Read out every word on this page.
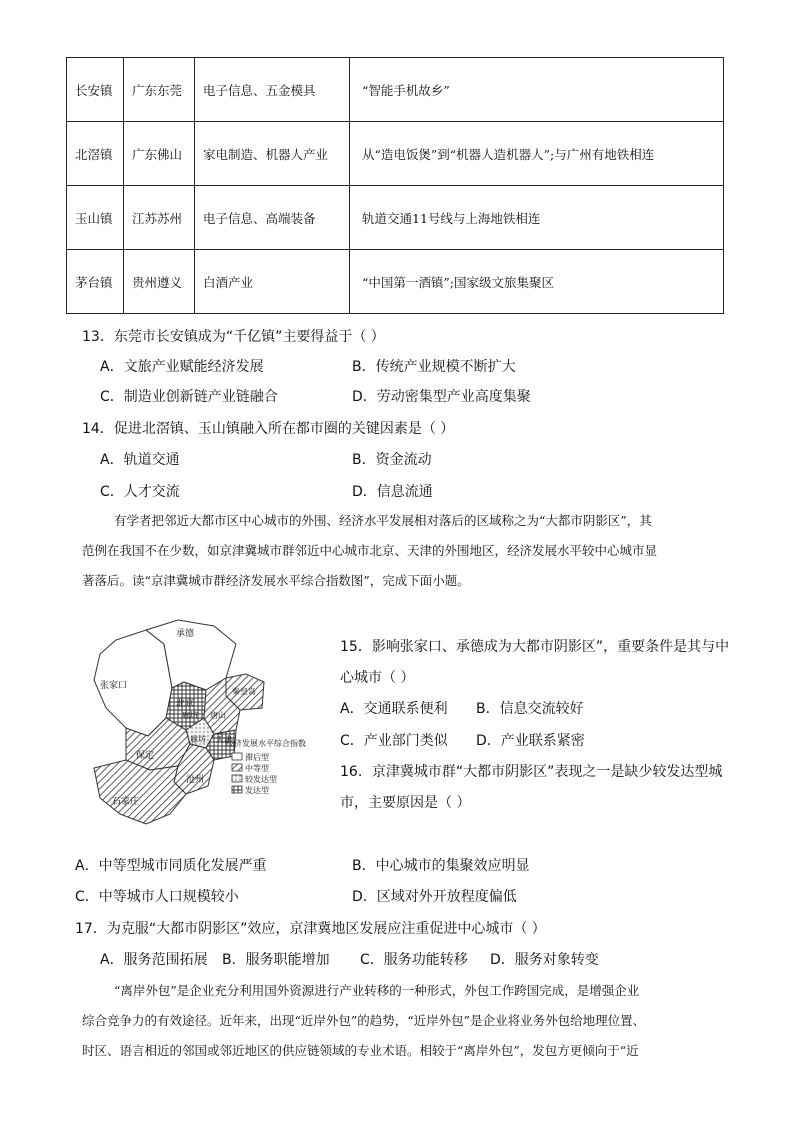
长安镇	广东东莞	电子信息、五金模具	“智能手机故乡”
北滘镇	广东佛山	家电制造、机器人产业	从“造电饭煲”到“机器人造机器人”;与广州有地铁相连
玉山镇	江苏苏州	电子信息、高端装备	轨道交通11号线与上海地铁相连
茅台镇	贵州遵义	白酒产业	“中国第一酒镇”;国家级文旅集聚区
13．东莞市长安镇成为“千亿镇”主要得益于（ ）
A．文旅产业赋能经济发展	B．传统产业规模不断扩大
C．制造业创新链产业链融合	D．劳动密集型产业高度集聚
14．促进北滘镇、玉山镇融入所在都市圈的关键因素是（ ）
A．轨道交通	B．资金流动
C．人才交流	D．信息流通
有学者把邻近大都市区中心城市的外围、经济水平发展相对落后的区域称之为“大都市阴影区”，其
范例在我国不在少数，如京津冀城市群邻近中心城市北京、天津的外围地区，经济发展水平较中心城市显
著落后。读“京津冀城市群经济发展水平综合指数图”，完成下面小题。
承德
张家口
北京
秦皇岛
廊坊 唐山
廊坊 天津
保定
沧州
石家庄
经济发展水平综合指数
滞后型
中等型
较发达型
发达型
15．影响张家口、承德成为大都市阴影区”，重要条件是其与中
心城市（ ）
A．交通联系便利 B．信息交流较好
C．产业部门类似 D．产业联系紧密
16．京津冀城市群“大都市阴影区”表现之一是缺少较发达型城
市，主要原因是（ ）
A．中等型城市同质化发展严重	B．中心城市的集聚效应明显
C．中等城市人口规模较小	D．区域对外开放程度偏低
17．为克服“大都市阴影区”效应，京津冀地区发展应注重促进中心城市（ ）
A．服务范围拓展 B．服务职能增加 C．服务功能转移 D．服务对象转变
“离岸外包”是企业充分利用国外资源进行产业转移的一种形式，外包工作跨国完成，是增强企业
综合竞争力的有效途径。近年来，出现“近岸外包”的趋势，“近岸外包”是企业将业务外包给地理位置、
时区、语言相近的邻国或邻近地区的供应链领域的专业术语。相较于“离岸外包”，发包方更倾向于“近
